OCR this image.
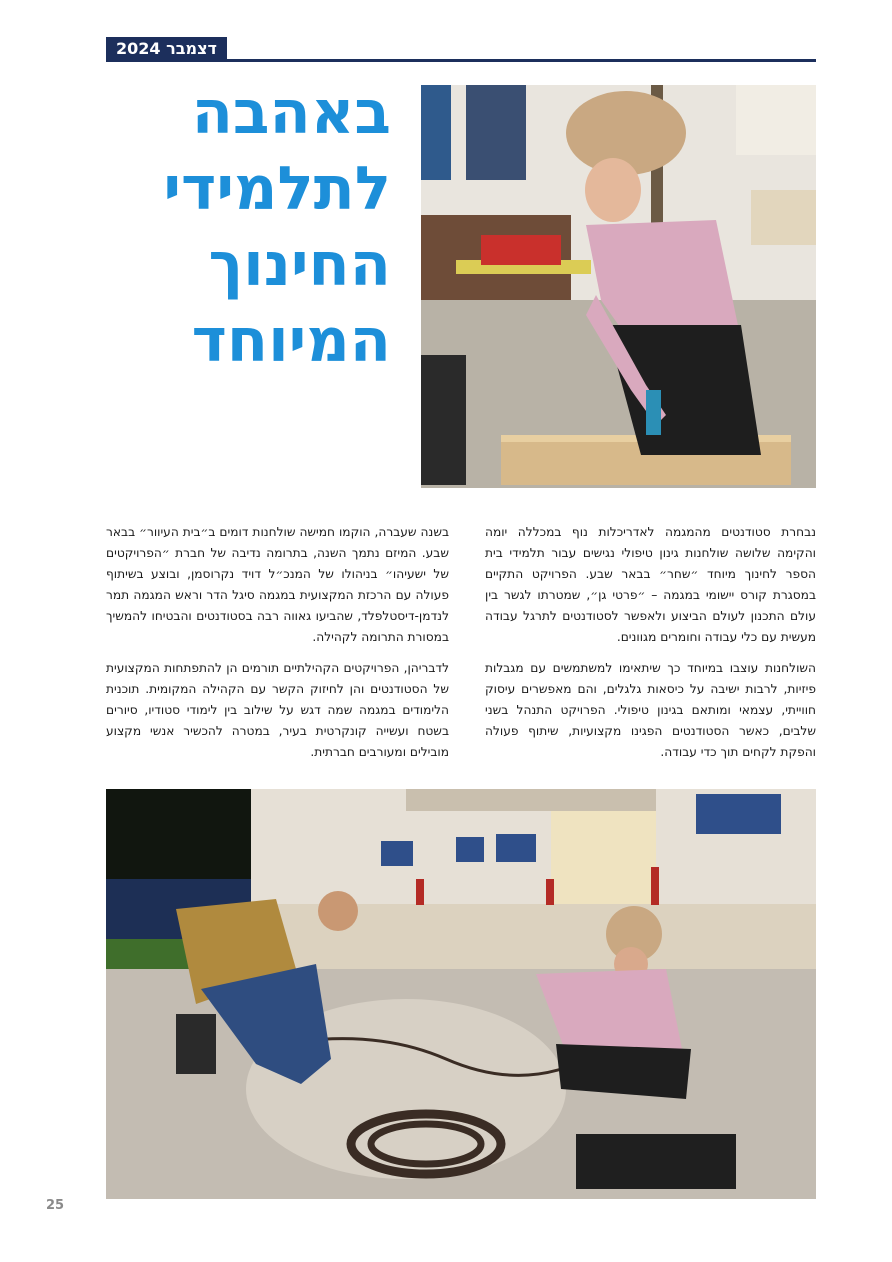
דצמבר 2024
באהבה
לתלמידי
החינוך
המיוחד

נבחרת סטודנטים מהמגמה לאדריכלות נוף במכללה יומה והקימה שלושה שולחנות גינון טיפולי נגישים עבור תלמידי בית הספר לחינוך מיוחד ״שחר״ בבאר שבע. הפרויקט התקיים במסגרת קורס יישומי במגמה – ״פרטי גן״, שמטרתו לגשר בין עולם התכנון לעולם הביצוע ולאפשר לסטודנטים לתרגל עבודה מעשית עם כלי עבודה וחומרים מגוונים.

השולחנות עוצבו במיוחד כך שיתאימו למשתמשים עם מגבלות פיזיות, לרבות ישיבה על כיסאות גלגלים, והם מאפשרים עיסוק חווייתי, עצמאי ומותאם בגינון טיפולי. הפרויקט התנהל בשני שלבים, כאשר הסטודנטים הפגינו מקצועיות, שיתוף פעולה והפקת לקחים תוך כדי עבודה.

בשנה שעברה, הוקמו חמישה שולחנות דומים ב״בית העיוור״ בבאר שבע. המיזם נתמך השנה, בתרומה נדיבה של חברת ״הפרויקטים של ישעיהו״ בניהולו של המנכ״ל דויד נקרוסמן, ובוצע בשיתוף פעולה עם הרכזת המקצועית במגמה סיגל הדר וראש המגמה תמר לנדמן-דיסטלפלד, שהביעו גאווה רבה בסטודנטים והבטיחו להמשיך במסורת התרומה לקהילה.

לדבריהן, הפרויקטים הקהילתיים תורמים הן להתפתחות המקצועית של הסטודנטים והן לחיזוק הקשר עם הקהילה המקומית. תוכנית הלימודים במגמה שמה דגש על שילוב בין לימודי סטודיו, סיורים בשטח ועשייה קונקרטית בעיר, במטרה להכשיר אנשי מקצוע מובילים ומעורבים חברתית.

25
